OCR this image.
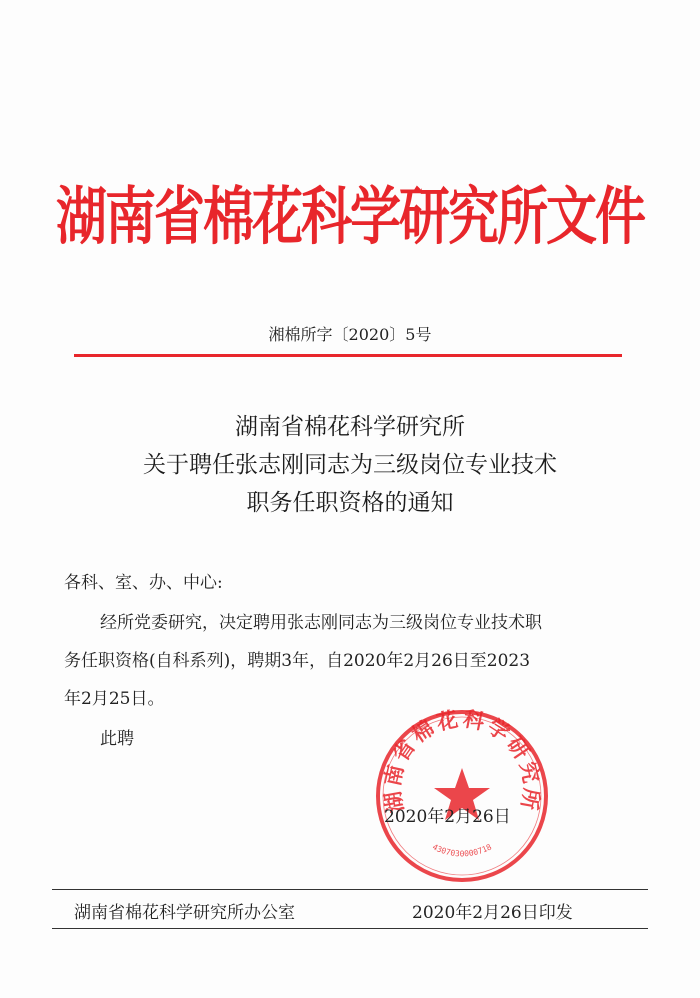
湖南省棉花科学研究所文件
湘棉所字〔2020〕5号
湖南省棉花科学研究所
关于聘任张志刚同志为三级岗位专业技术
职务任职资格的通知
各科、室、办、中心:
经所党委研究，决定聘用张志刚同志为三级岗位专业技术职
务任职资格(自科系列)，聘期3年，自2020年2月26日至2023
年2月25日。
此聘
湖南省棉花科学研究所
4307030000718
2020年2月26日
湖南省棉花科学研究所办公室	2020年2月26日印发
